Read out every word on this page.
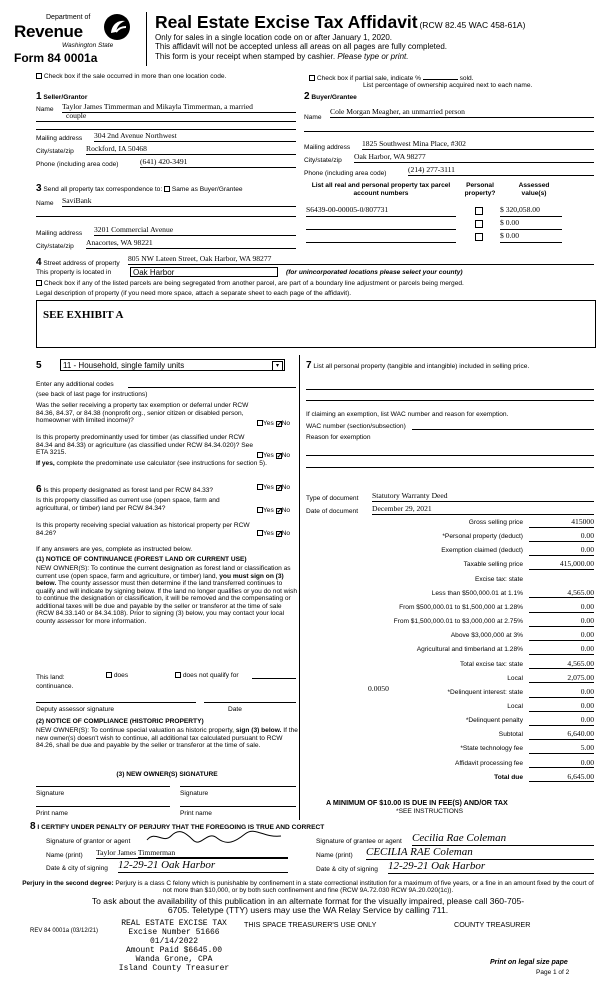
Department of
Revenue
Washington State
Form 84 0001a
Real Estate Excise Tax Affidavit (RCW 82.45 WAC 458-61A)
Only for sales in a single location code on or after January 1, 2020.
This affidavit will not be accepted unless all areas on all pages are fully completed.
This form is your receipt when stamped by cashier. Please type or print.
Check box if the sale occurred in more than one location code.	Check box if partial sale, indicate %	sold.
List percentage of ownership acquired next to each name.
1 Seller/Grantor
Name Taylor James Timmerman and Mikayla Timmerman, a married
couple
Mailing address 304 2nd Avenue Northwest
City/state/zip Rockford, IA 50468
Phone (including area code)	(641) 420-3491
2 Buyer/Grantee
Name
Cole Morgan Meagher, an unmarried person
Mailing address 1825 Southwest Mina Place, #302
City/state/zip Oak Harbor, WA 98277
Phone (including area code)	(214) 277-3111
3 Send all property tax correspondence to: Same as Buyer/Grantee
Name SaviBank
Mailing address 3201 Commercial Avenue
City/state/zip Anacortes, WA 98221
List all real and personal property tax parcel account numbers
Personal property?
Assessed value(s)
S6439-00-00005-0/807731	$ 320,058.00
$ 0.00
$ 0.00
4 Street address of property
805 NW Lateen Street, Oak Harbor, WA 98277
This property is located in	Oak Harbor	(for unincorporated locations please select your county)
Check box if any of the listed parcels are being segregated from another parcel, are part of a boundary line adjustment or parcels being merged.
Legal description of property (if you need more space, attach a separate sheet to each page of the affidavit).
SEE EXHIBIT A
5	11 - Household, single family units	▾
Enter any additional codes
(see back of last page for instructions)
Was the seller receiving a property tax exemption or deferral under RCW 84.36, 84.37, or 84.38 (nonprofit org., senior citizen or disabled person, homeowner with limited income)?	Yes ✓No
Is this property predominantly used for timber (as classified under RCW 84.34 and 84.33) or agriculture (as classified under RCW 84.34.020)? See ETA 3215.	Yes ✓No
If yes, complete the predominate use calculator (see instructions for section 5).
6 Is this property designated as forest land per RCW 84.33?	Yes ✓No
Is this property classified as current use (open space, farm and agricultural, or timber) land per RCW 84.34?	Yes ✓No
Is this property receiving special valuation as historical property per RCW 84.26?	Yes ✓No
If any answers are yes, complete as instructed below.
(1) NOTICE OF CONTINUANCE (FOREST LAND OR CURRENT USE)
NEW OWNER(S): To continue the current designation as forest land or classification as current use (open space, farm and agriculture, or timber) land, you must sign on (3) below. The county assessor must then determine if the land transferred continues to qualify and will indicate by signing below. If the land no longer qualifies or you do not wish to continue the designation or classification, it will be removed and the compensating or additional taxes will be due and payable by the seller or transferor at the time of sale (RCW 84.33.140 or 84.34.108). Prior to signing (3) below, you may contact your local county assessor for more information.
This land:	does	does not qualify for
continuance.
Deputy assessor signature	Date
(2) NOTICE OF COMPLIANCE (HISTORIC PROPERTY)
NEW OWNER(S): To continue special valuation as historic property, sign (3) below. If the new owner(s) doesn't wish to continue, all additional tax calculated pursuant to RCW 84.26, shall be due and payable by the seller or transferor at the time of sale.
(3) NEW OWNER(S) SIGNATURE
Signature	Signature
Print name	Print name
7 List all personal property (tangible and intangible) included in selling price.
If claiming an exemption, list WAC number and reason for exemption.
WAC number (section/subsection)
Reason for exemption
Type of document Statutory Warranty Deed
Date of document December 29, 2021
Gross selling price	415000
*Personal property (deduct)	0.00
Exemption claimed (deduct)	0.00
Taxable selling price	415,000.00
Excise tax: state
Less than $500,000.01 at 1.1%	4,565.00
From $500,000.01 to $1,500,000 at 1.28%	0.00
From $1,500,000.01 to $3,000,000 at 2.75%	0.00
Above $3,000,000 at 3%	0.00
Agricultural and timberland at 1.28%	0.00
Total excise tax: state	4,565.00
Local	2,075.00
*Delinquent interest: state	0.00
Local	0.00
*Delinquent penalty	0.00
Subtotal	6,640.00
*State technology fee	5.00
Affidavit processing fee	0.00
Total due	6,645.00
0.0050
A MINIMUM OF $10.00 IS DUE IN FEE(S) AND/OR TAX
*SEE INSTRUCTIONS
8 I CERTIFY UNDER PENALTY OF PERJURY THAT THE FOREGOING IS TRUE AND CORRECT
Signature of grantor or agent
Name (print) Taylor James Timmerman
Date & city of signing 12-29-21 Oak Harbor
Signature of grantee or agent Cecilia Rae Coleman
Name (print) CECILIA RAE Coleman
Date & city of signing 12-29-21 Oak Harbor
Perjury in the second degree: Perjury is a class C felony which is punishable by confinement in a state correctional institution for a maximum of five years, or a fine in an amount fixed by the court of not more than $10,000, or by both such confinement and fine (RCW 9A.72.030 RCW 9A.20.020(1c)).
To ask about the availability of this publication in an alternate format for the visually impaired, please call 360-705-6705. Teletype (TTY) users may use the WA Relay Service by calling 711.
REV 84 0001a (03/12/21)
REAL ESTATE EXCISE TAX
Excise Number 51666
01/14/2022
Amount Paid $6645.00
Wanda Grone, CPA
Island County Treasurer
THIS SPACE TREASURER'S USE ONLY	COUNTY TREASURER
Print on legal size pape
Page 1 of 2
